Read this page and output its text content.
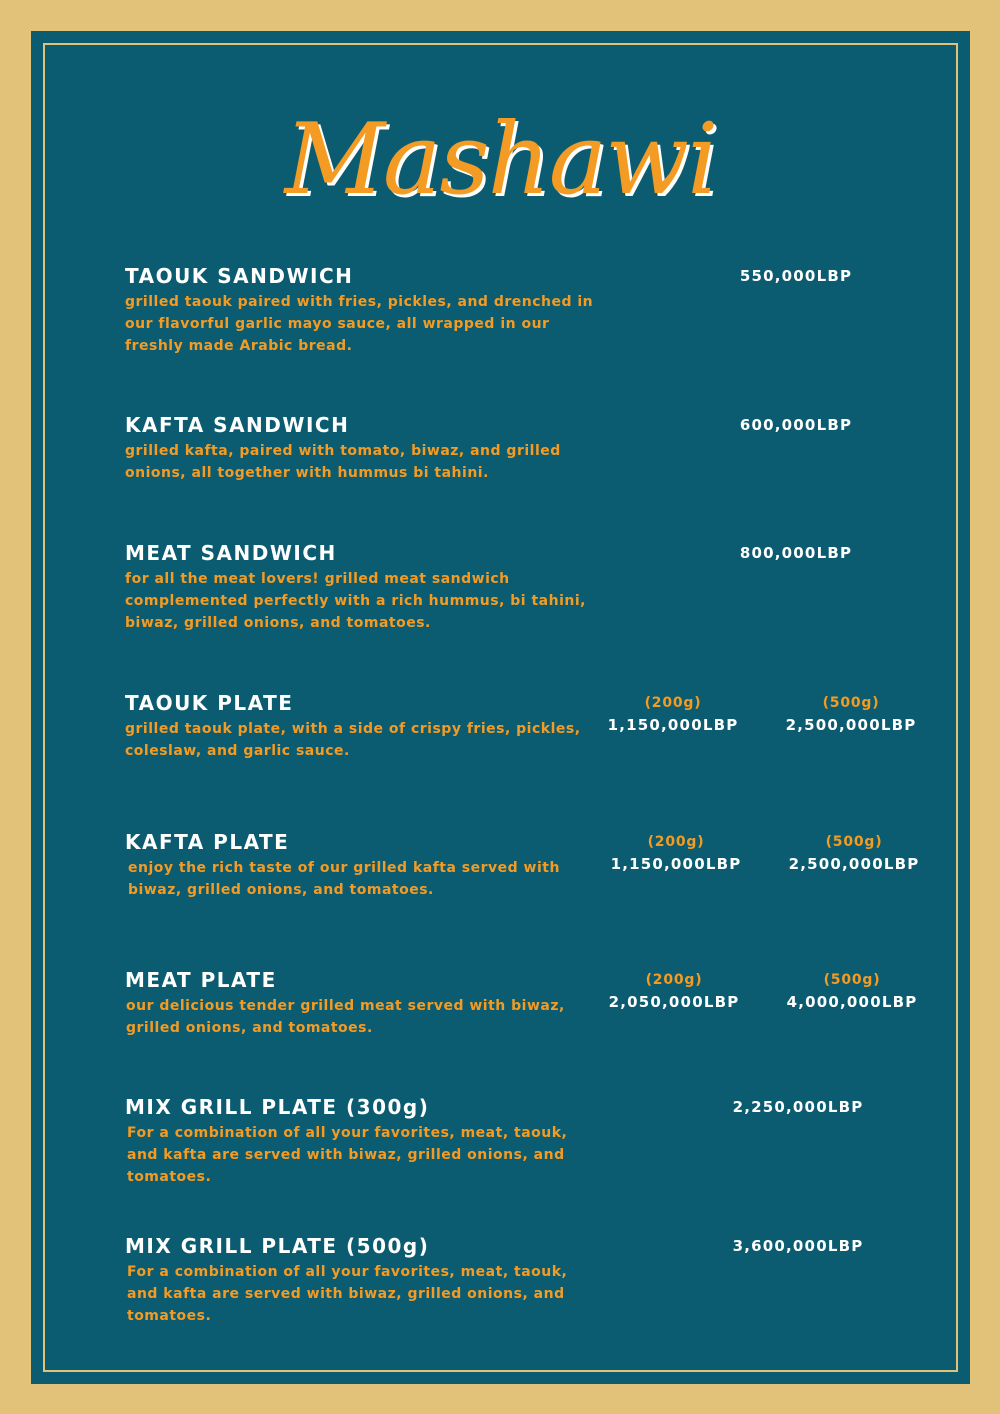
Mashawi
TAOUK SANDWICH
grilled taouk paired with fries, pickles, and drenched in our flavorful garlic mayo sauce, all wrapped in our freshly made Arabic bread.
550,000LBP
KAFTA SANDWICH
grilled kafta, paired with tomato, biwaz, and grilled onions, all together with hummus bi tahini.
600,000LBP
MEAT SANDWICH
for all the meat lovers! grilled meat sandwich complemented perfectly with a rich hummus, bi tahini, biwaz, grilled onions, and tomatoes.
800,000LBP
TAOUK PLATE
grilled taouk plate, with a side of crispy fries, pickles, coleslaw, and garlic sauce.
(200g)
1,150,000LBP
(500g)
2,500,000LBP
KAFTA PLATE
enjoy the rich taste of our grilled kafta served with biwaz, grilled onions, and tomatoes.
(200g)
1,150,000LBP
(500g)
2,500,000LBP
MEAT PLATE
our delicious tender grilled meat served with biwaz, grilled onions, and tomatoes.
(200g)
2,050,000LBP
(500g)
4,000,000LBP
MIX GRILL PLATE (300g)
For a combination of all your favorites, meat, taouk, and kafta are served with biwaz, grilled onions, and tomatoes.
2,250,000LBP
MIX GRILL PLATE (500g)
For a combination of all your favorites, meat, taouk, and kafta are served with biwaz, grilled onions, and tomatoes.
3,600,000LBP
